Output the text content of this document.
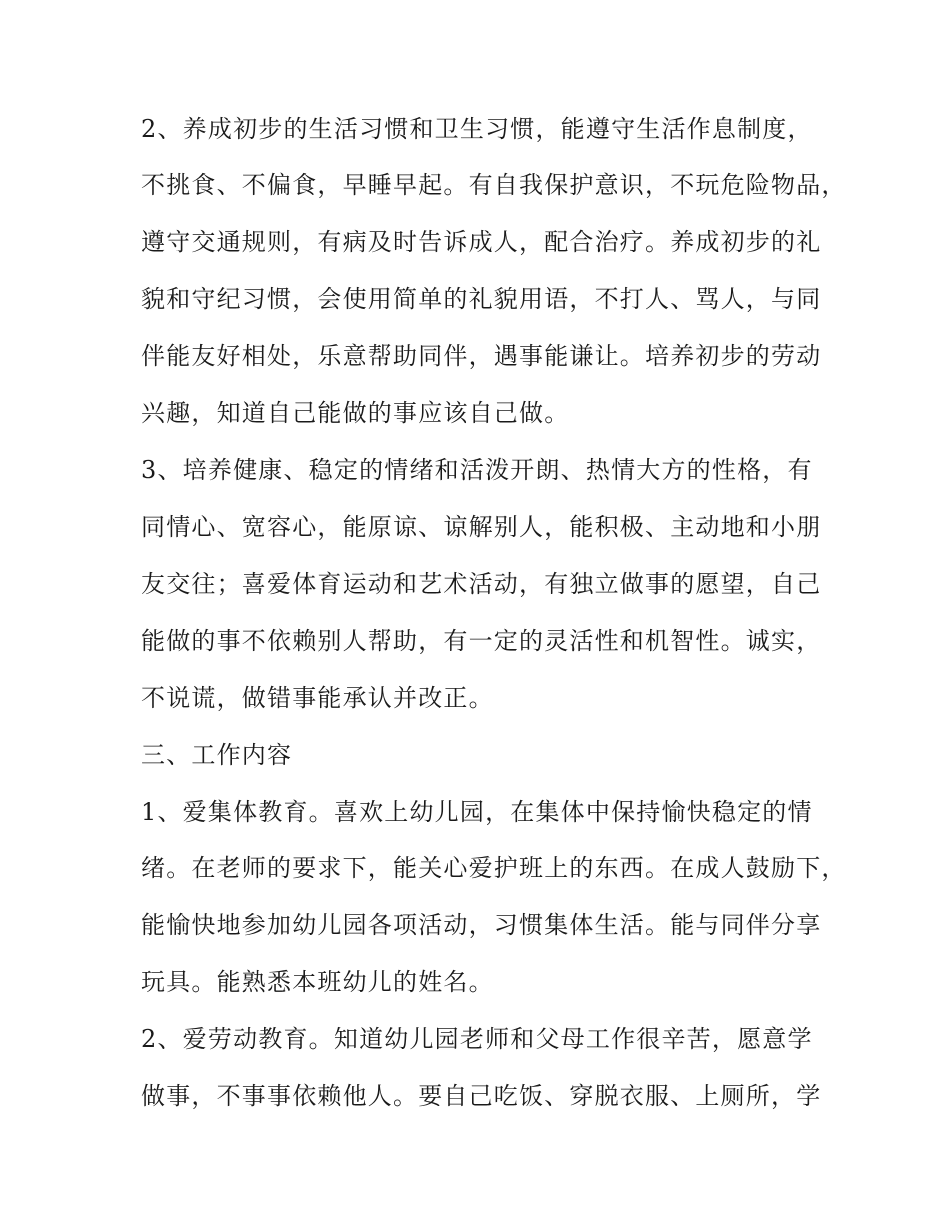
2、养成初步的生活习惯和卫生习惯，能遵守生活作息制度，
不挑食、不偏食，早睡早起。有自我保护意识，不玩危险物品，
遵守交通规则，有病及时告诉成人，配合治疗。养成初步的礼
貌和守纪习惯，会使用简单的礼貌用语，不打人、骂人，与同
伴能友好相处，乐意帮助同伴，遇事能谦让。培养初步的劳动
兴趣，知道自己能做的事应该自己做。
3、培养健康、稳定的情绪和活泼开朗、热情大方的性格，有
同情心、宽容心，能原谅、谅解别人，能积极、主动地和小朋
友交往；喜爱体育运动和艺术活动，有独立做事的愿望，自己
能做的事不依赖别人帮助，有一定的灵活性和机智性。诚实，
不说谎，做错事能承认并改正。
三、工作内容
1、爱集体教育。喜欢上幼儿园，在集体中保持愉快稳定的情
绪。在老师的要求下，能关心爱护班上的东西。在成人鼓励下，
能愉快地参加幼儿园各项活动，习惯集体生活。能与同伴分享
玩具。能熟悉本班幼儿的姓名。
2、爱劳动教育。知道幼儿园老师和父母工作很辛苦，愿意学
做事，不事事依赖他人。要自己吃饭、穿脱衣服、上厕所，学
